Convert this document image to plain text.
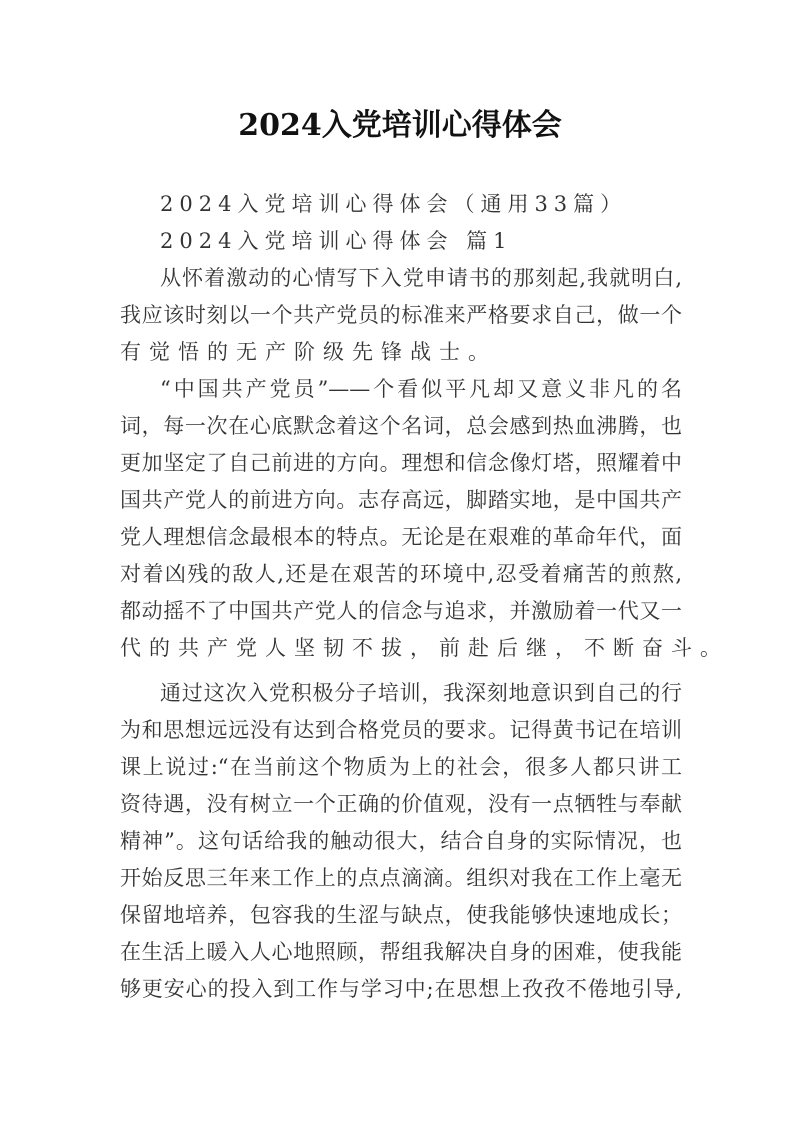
2024入党培训心得体会
2024入党培训心得体会（通用33篇）
2024入党培训心得体会 篇1
从怀着激动的心情写下入党申请书的那刻起,我就明白,
我应该时刻以一个共产党员的标准来严格要求自己，做一个
有觉悟的无产阶级先锋战士。
“中国共产党员”——个看似平凡却又意义非凡的名
词，每一次在心底默念着这个名词，总会感到热血沸腾，也
更加坚定了自己前进的方向。理想和信念像灯塔，照耀着中
国共产党人的前进方向。志存高远，脚踏实地，是中国共产
党人理想信念最根本的特点。无论是在艰难的革命年代，面
对着凶残的敌人,还是在艰苦的环境中,忍受着痛苦的煎熬,
都动摇不了中国共产党人的信念与追求，并激励着一代又一
代的共产党人坚韧不拔，前赴后继，不断奋斗。
通过这次入党积极分子培训，我深刻地意识到自己的行
为和思想远远没有达到合格党员的要求。记得黄书记在培训
课上说过:“在当前这个物质为上的社会，很多人都只讲工
资待遇，没有树立一个正确的价值观，没有一点牺牲与奉献
精神”。这句话给我的触动很大，结合自身的实际情况，也
开始反思三年来工作上的点点滴滴。组织对我在工作上毫无
保留地培养，包容我的生涩与缺点，使我能够快速地成长；
在生活上暖入人心地照顾，帮组我解决自身的困难，使我能
够更安心的投入到工作与学习中;在思想上孜孜不倦地引导,
